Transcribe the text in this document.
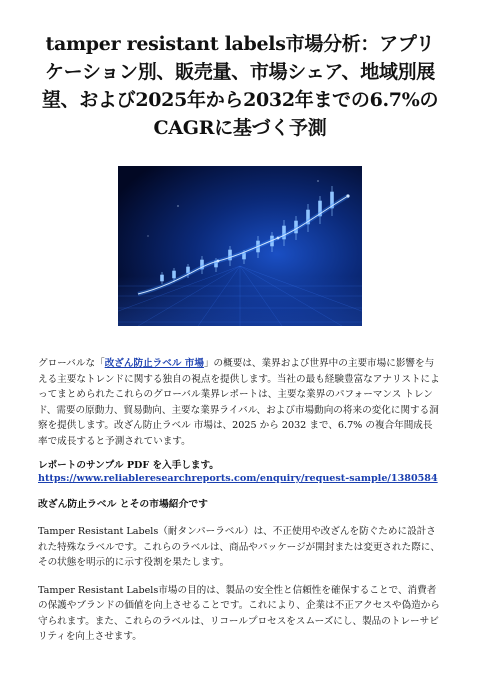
tamper resistant labels市場分析：アプリケーション別、販売量、市場シェア、地域別展望、および2025年から2032年までの6.7%のCAGRに基づく予測

グローバルな「改ざん防止ラベル 市場」の概要は、業界および世界中の主要市場に影響を与える主要なトレンドに関する独自の視点を提供します。当社の最も経験豊富なアナリストによってまとめられたこれらのグローバル業界レポートは、主要な業界のパフォーマンス トレンド、需要の原動力、貿易動向、主要な業界ライバル、および市場動向の将来の変化に関する洞察を提供します。改ざん防止ラベル 市場は、2025 から 2032 まで、6.7% の複合年間成長率で成長すると予測されています。

レポートのサンプル PDF を入手します。
https://www.reliableresearchreports.com/enquiry/request-sample/1380584
改ざん防止ラベル とその市場紹介です

Tamper Resistant Labels（耐タンパーラベル）は、不正使用や改ざんを防ぐために設計された特殊なラベルです。これらのラベルは、商品やパッケージが開封または変更された際に、その状態を明示的に示す役割を果たします。

Tamper Resistant Labels市場の目的は、製品の安全性と信頼性を確保することで、消費者の保護やブランドの価値を向上させることです。これにより、企業は不正アクセスや偽造から守られます。また、これらのラベルは、リコールプロセスをスムーズにし、製品のトレーサビリティを向上させます。
